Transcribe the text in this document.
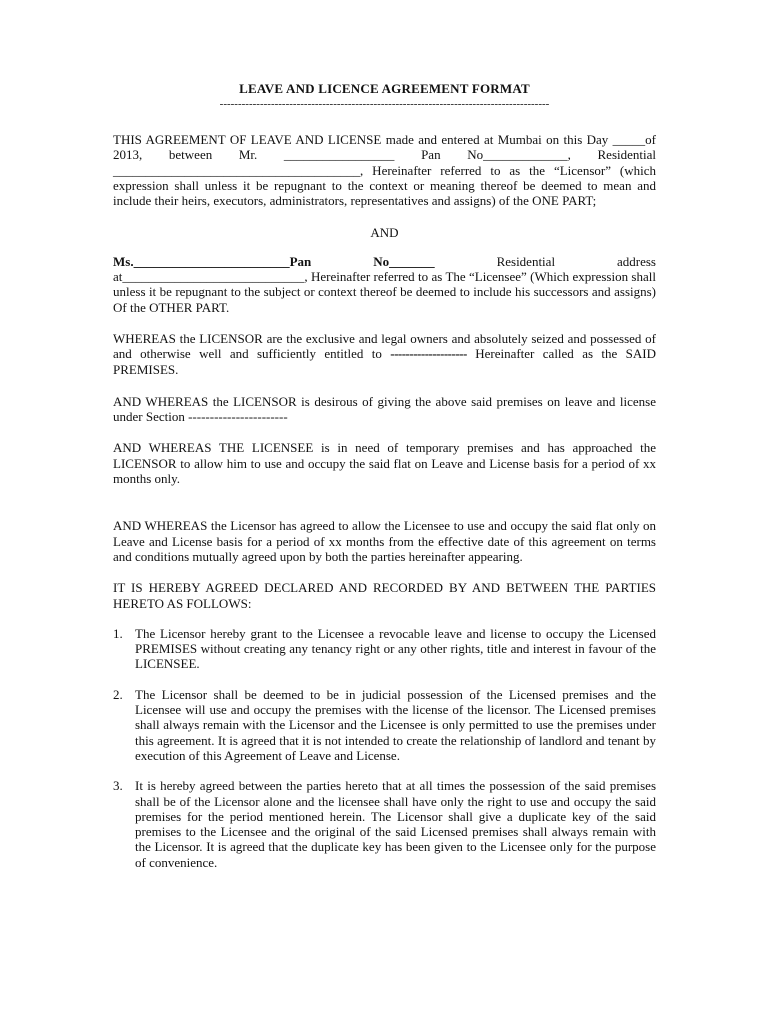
LEAVE AND LICENCE AGREEMENT FORMAT
------------------------------------------------------------------------------------------

THIS AGREEMENT OF LEAVE AND LICENSE made and entered at Mumbai on this Day _____of 2013, between Mr. _________________ Pan No_____________, Residential ______________________________________, Hereinafter referred to as the “Licensor” (which expression shall unless it be repugnant to the context or meaning thereof be deemed to mean and include their heirs, executors, administrators, representatives and assigns) of the ONE PART;

AND

Ms.________________________Pan No_______ Residential address at____________________________, Hereinafter referred to as The “Licensee” (Which expression shall unless it be repugnant to the subject or context thereof be deemed to include his successors and assigns) Of the OTHER PART.

WHEREAS the LICENSOR are the exclusive and legal owners and absolutely seized and possessed of and otherwise well and sufficiently entitled to -------------------- Hereinafter called as the SAID PREMISES.

AND WHEREAS the LICENSOR is desirous of giving the above said premises on leave and license under Section -----------------------

AND WHEREAS THE LICENSEE is in need of temporary premises and has approached the LICENSOR to allow him to use and occupy the said flat on Leave and License basis for a period of xx months only.

AND WHEREAS the Licensor has agreed to allow the Licensee to use and occupy the said flat only on Leave and License basis for a period of xx months from the effective date of this agreement on terms and conditions mutually agreed upon by both the parties hereinafter appearing.

IT IS HEREBY AGREED DECLARED AND RECORDED BY AND BETWEEN THE PARTIES HERETO AS FOLLOWS:

1. The Licensor hereby grant to the Licensee a revocable leave and license to occupy the Licensed PREMISES without creating any tenancy right or any other rights, title and interest in favour of the LICENSEE.
2. The Licensor shall be deemed to be in judicial possession of the Licensed premises and the Licensee will use and occupy the premises with the license of the licensor. The Licensed premises shall always remain with the Licensor and the Licensee is only permitted to use the premises under this agreement. It is agreed that it is not intended to create the relationship of landlord and tenant by execution of this Agreement of Leave and License.
3. It is hereby agreed between the parties hereto that at all times the possession of the said premises shall be of the Licensor alone and the licensee shall have only the right to use and occupy the said premises for the period mentioned herein. The Licensor shall give a duplicate key of the said premises to the Licensee and the original of the said Licensed premises shall always remain with the Licensor. It is agreed that the duplicate key has been given to the Licensee only for the purpose of convenience.
